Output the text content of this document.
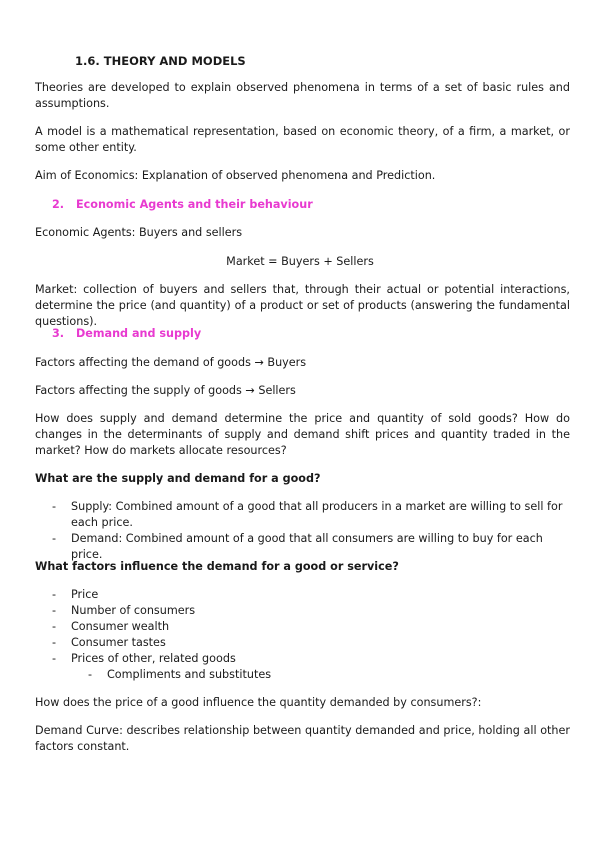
1.6. THEORY AND MODELS
Theories are developed to explain observed phenomena in terms of a set of basic rules and assumptions.
A model is a mathematical representation, based on economic theory, of a firm, a market, or some other entity.
Aim of Economics: Explanation of observed phenomena and Prediction.
2. Economic Agents and their behaviour
Economic Agents: Buyers and sellers
Market = Buyers + Sellers
Market: collection of buyers and sellers that, through their actual or potential interactions, determine the price (and quantity) of a product or set of products (answering the fundamental questions).
3. Demand and supply
Factors affecting the demand of goods → Buyers
Factors affecting the supply of goods → Sellers
How does supply and demand determine the price and quantity of sold goods? How do changes in the determinants of supply and demand shift prices and quantity traded in the market? How do markets allocate resources?
What are the supply and demand for a good?
- Supply: Combined amount of a good that all producers in a market are willing to sell for each price.
- Demand: Combined amount of a good that all consumers are willing to buy for each price.
What factors influence the demand for a good or service?
- Price
- Number of consumers
- Consumer wealth
- Consumer tastes
- Prices of other, related goods
- Compliments and substitutes
How does the price of a good influence the quantity demanded by consumers?:
Demand Curve: describes relationship between quantity demanded and price, holding all other factors constant.
